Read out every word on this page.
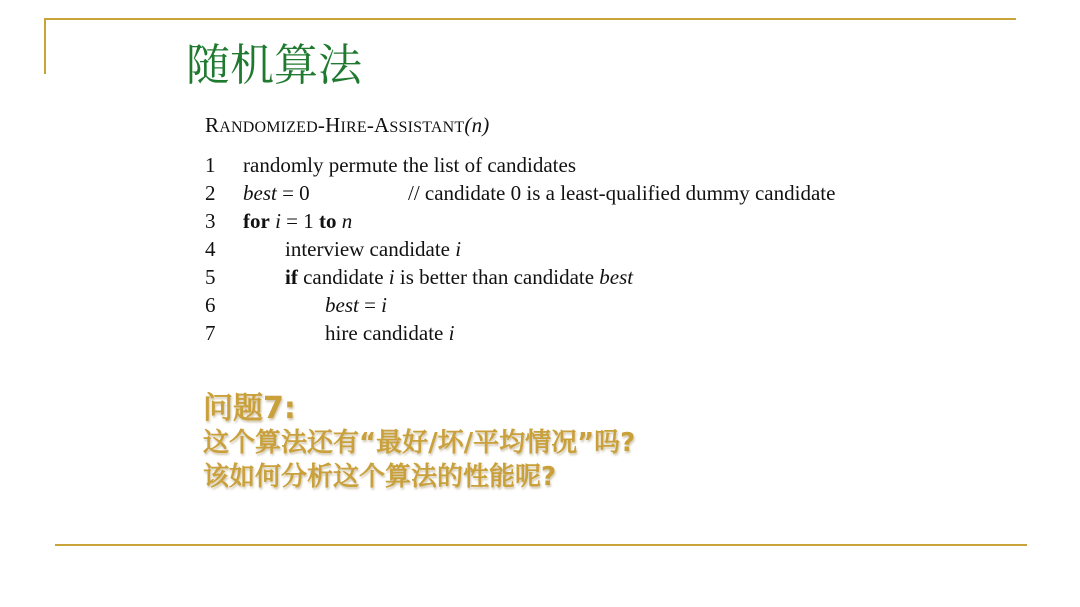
随机算法
RANDOMIZED-HIRE-ASSISTANT(n)
1	randomly permute the list of candidates
2	best = 0	// candidate 0 is a least-qualified dummy candidate
3	for i = 1 to n
4	interview candidate i
5	if candidate i is better than candidate best
6	best = i
7	hire candidate i
问题7:
这个算法还有“最好/坏/平均情况”吗?
该如何分析这个算法的性能呢?
